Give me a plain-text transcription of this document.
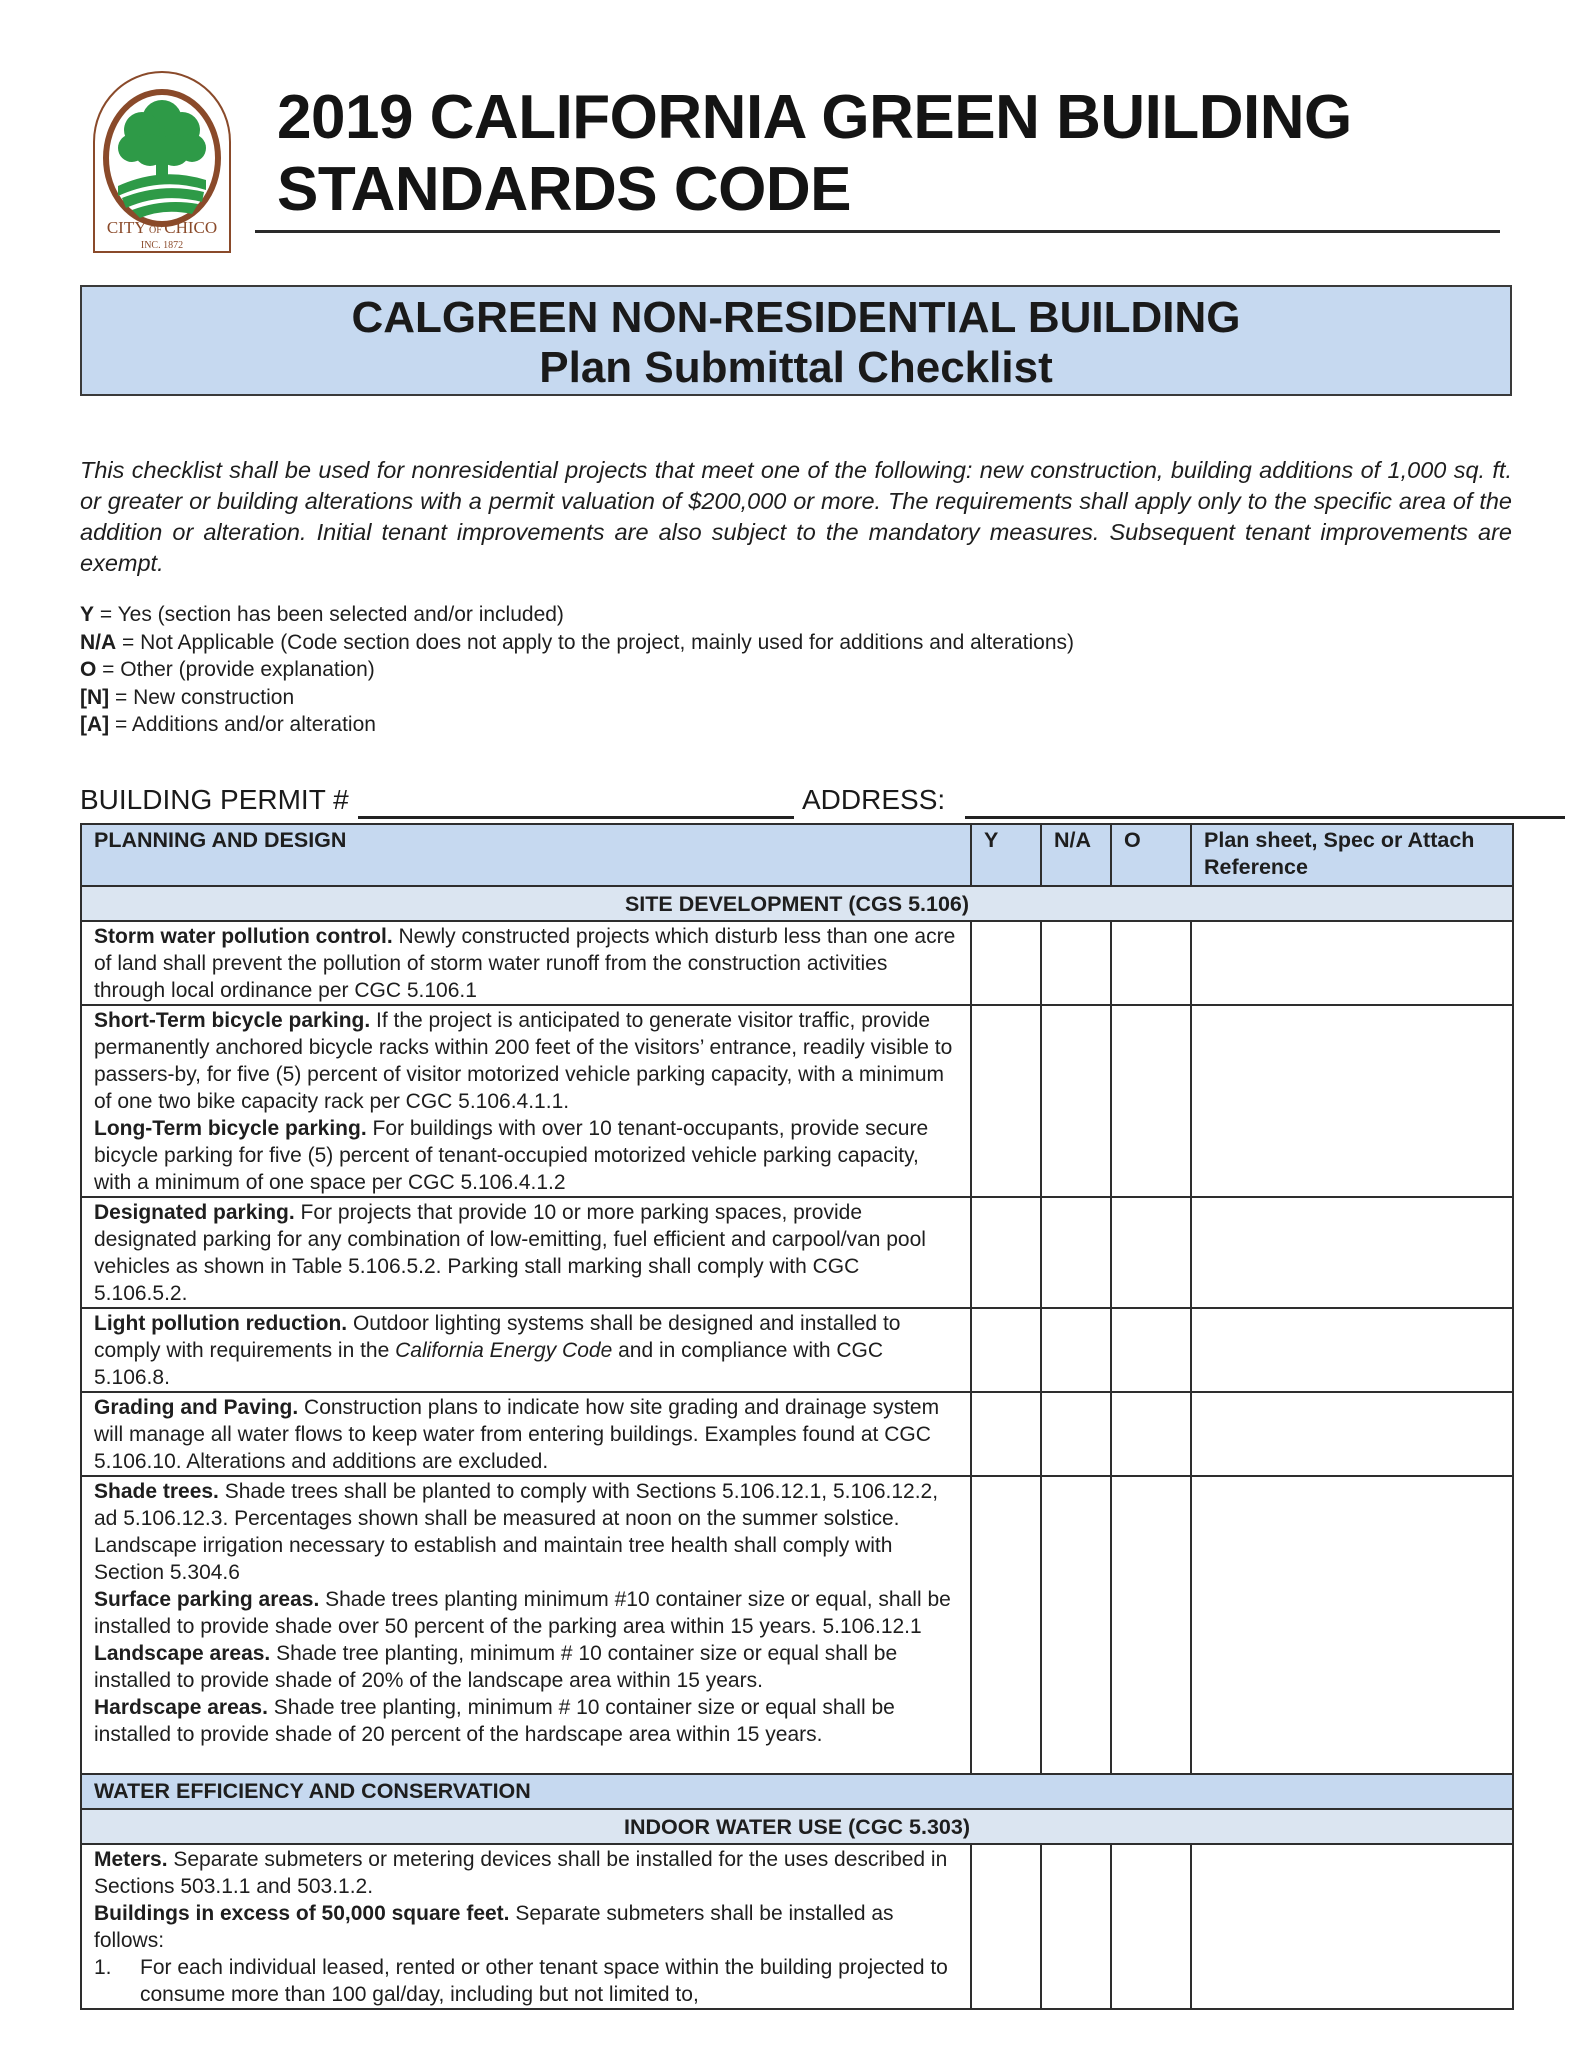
CITY OF CHICO
INC. 1872
2019 CALIFORNIA GREEN BUILDING
STANDARDS CODE
CALGREEN NON-RESIDENTIAL BUILDING
Plan Submittal Checklist
This checklist shall be used for nonresidential projects that meet one of the following: new construction, building additions of 1,000 sq. ft. or greater or building alterations with a permit valuation of $200,000 or more. The requirements shall apply only to the specific area of the addition or alteration. Initial tenant improvements are also subject to the mandatory measures. Subsequent tenant improvements are exempt.
Y = Yes (section has been selected and/or included)
N/A = Not Applicable (Code section does not apply to the project, mainly used for additions and alterations)
O = Other (provide explanation)
[N] = New construction
[A] = Additions and/or alteration
BUILDING PERMIT #	ADDRESS:
PLANNING AND DESIGN	Y	N/A	O	Plan sheet, Spec or Attach Reference
SITE DEVELOPMENT (CGS 5.106)				

Storm water pollution control. Newly constructed projects which disturb less than one acre of land shall prevent the pollution of storm water runoff from the construction activities through local ordinance per CGC 5.106.1				

Short-Term bicycle parking. If the project is anticipated to generate visitor traffic, provide permanently anchored bicycle racks within 200 feet of the visitors’ entrance, readily visible to passers-by, for five (5) percent of visitor motorized vehicle parking capacity, with a minimum of one two bike capacity rack per CGC 5.106.4.1.1.
Long-Term bicycle parking. For buildings with over 10 tenant-occupants, provide secure bicycle parking for five (5) percent of tenant-occupied motorized vehicle parking capacity, with a minimum of one space per CGC 5.106.4.1.2				

Designated parking. For projects that provide 10 or more parking spaces, provide designated parking for any combination of low-emitting, fuel efficient and carpool/van pool vehicles as shown in Table 5.106.5.2. Parking stall marking shall comply with CGC 5.106.5.2.				

Light pollution reduction. Outdoor lighting systems shall be designed and installed to comply with requirements in the California Energy Code and in compliance with CGC 5.106.8.				

Grading and Paving. Construction plans to indicate how site grading and drainage system will manage all water flows to keep water from entering buildings. Examples found at CGC 5.106.10. Alterations and additions are excluded.				

Shade trees. Shade trees shall be planted to comply with Sections 5.106.12.1, 5.106.12.2, ad 5.106.12.3. Percentages shown shall be measured at noon on the summer solstice. Landscape irrigation necessary to establish and maintain tree health shall comply with Section 5.304.6
Surface parking areas. Shade trees planting minimum #10 container size or equal, shall be installed to provide shade over 50 percent of the parking area within 15 years. 5.106.12.1
Landscape areas. Shade tree planting, minimum # 10 container size or equal shall be installed to provide shade of 20% of the landscape area within 15 years.
Hardscape areas. Shade tree planting, minimum # 10 container size or equal shall be installed to provide shade of 20 percent of the hardscape area within 15 years.				

WATER EFFICIENCY AND CONSERVATION				
INDOOR WATER USE (CGC 5.303)				

Meters. Separate submeters or metering devices shall be installed for the uses described in Sections 503.1.1 and 503.1.2.
Buildings in excess of 50,000 square feet. Separate submeters shall be installed as follows:
1. For each individual leased, rented or other tenant space within the building projected to consume more than 100 gal/day, including but not limited to,				
